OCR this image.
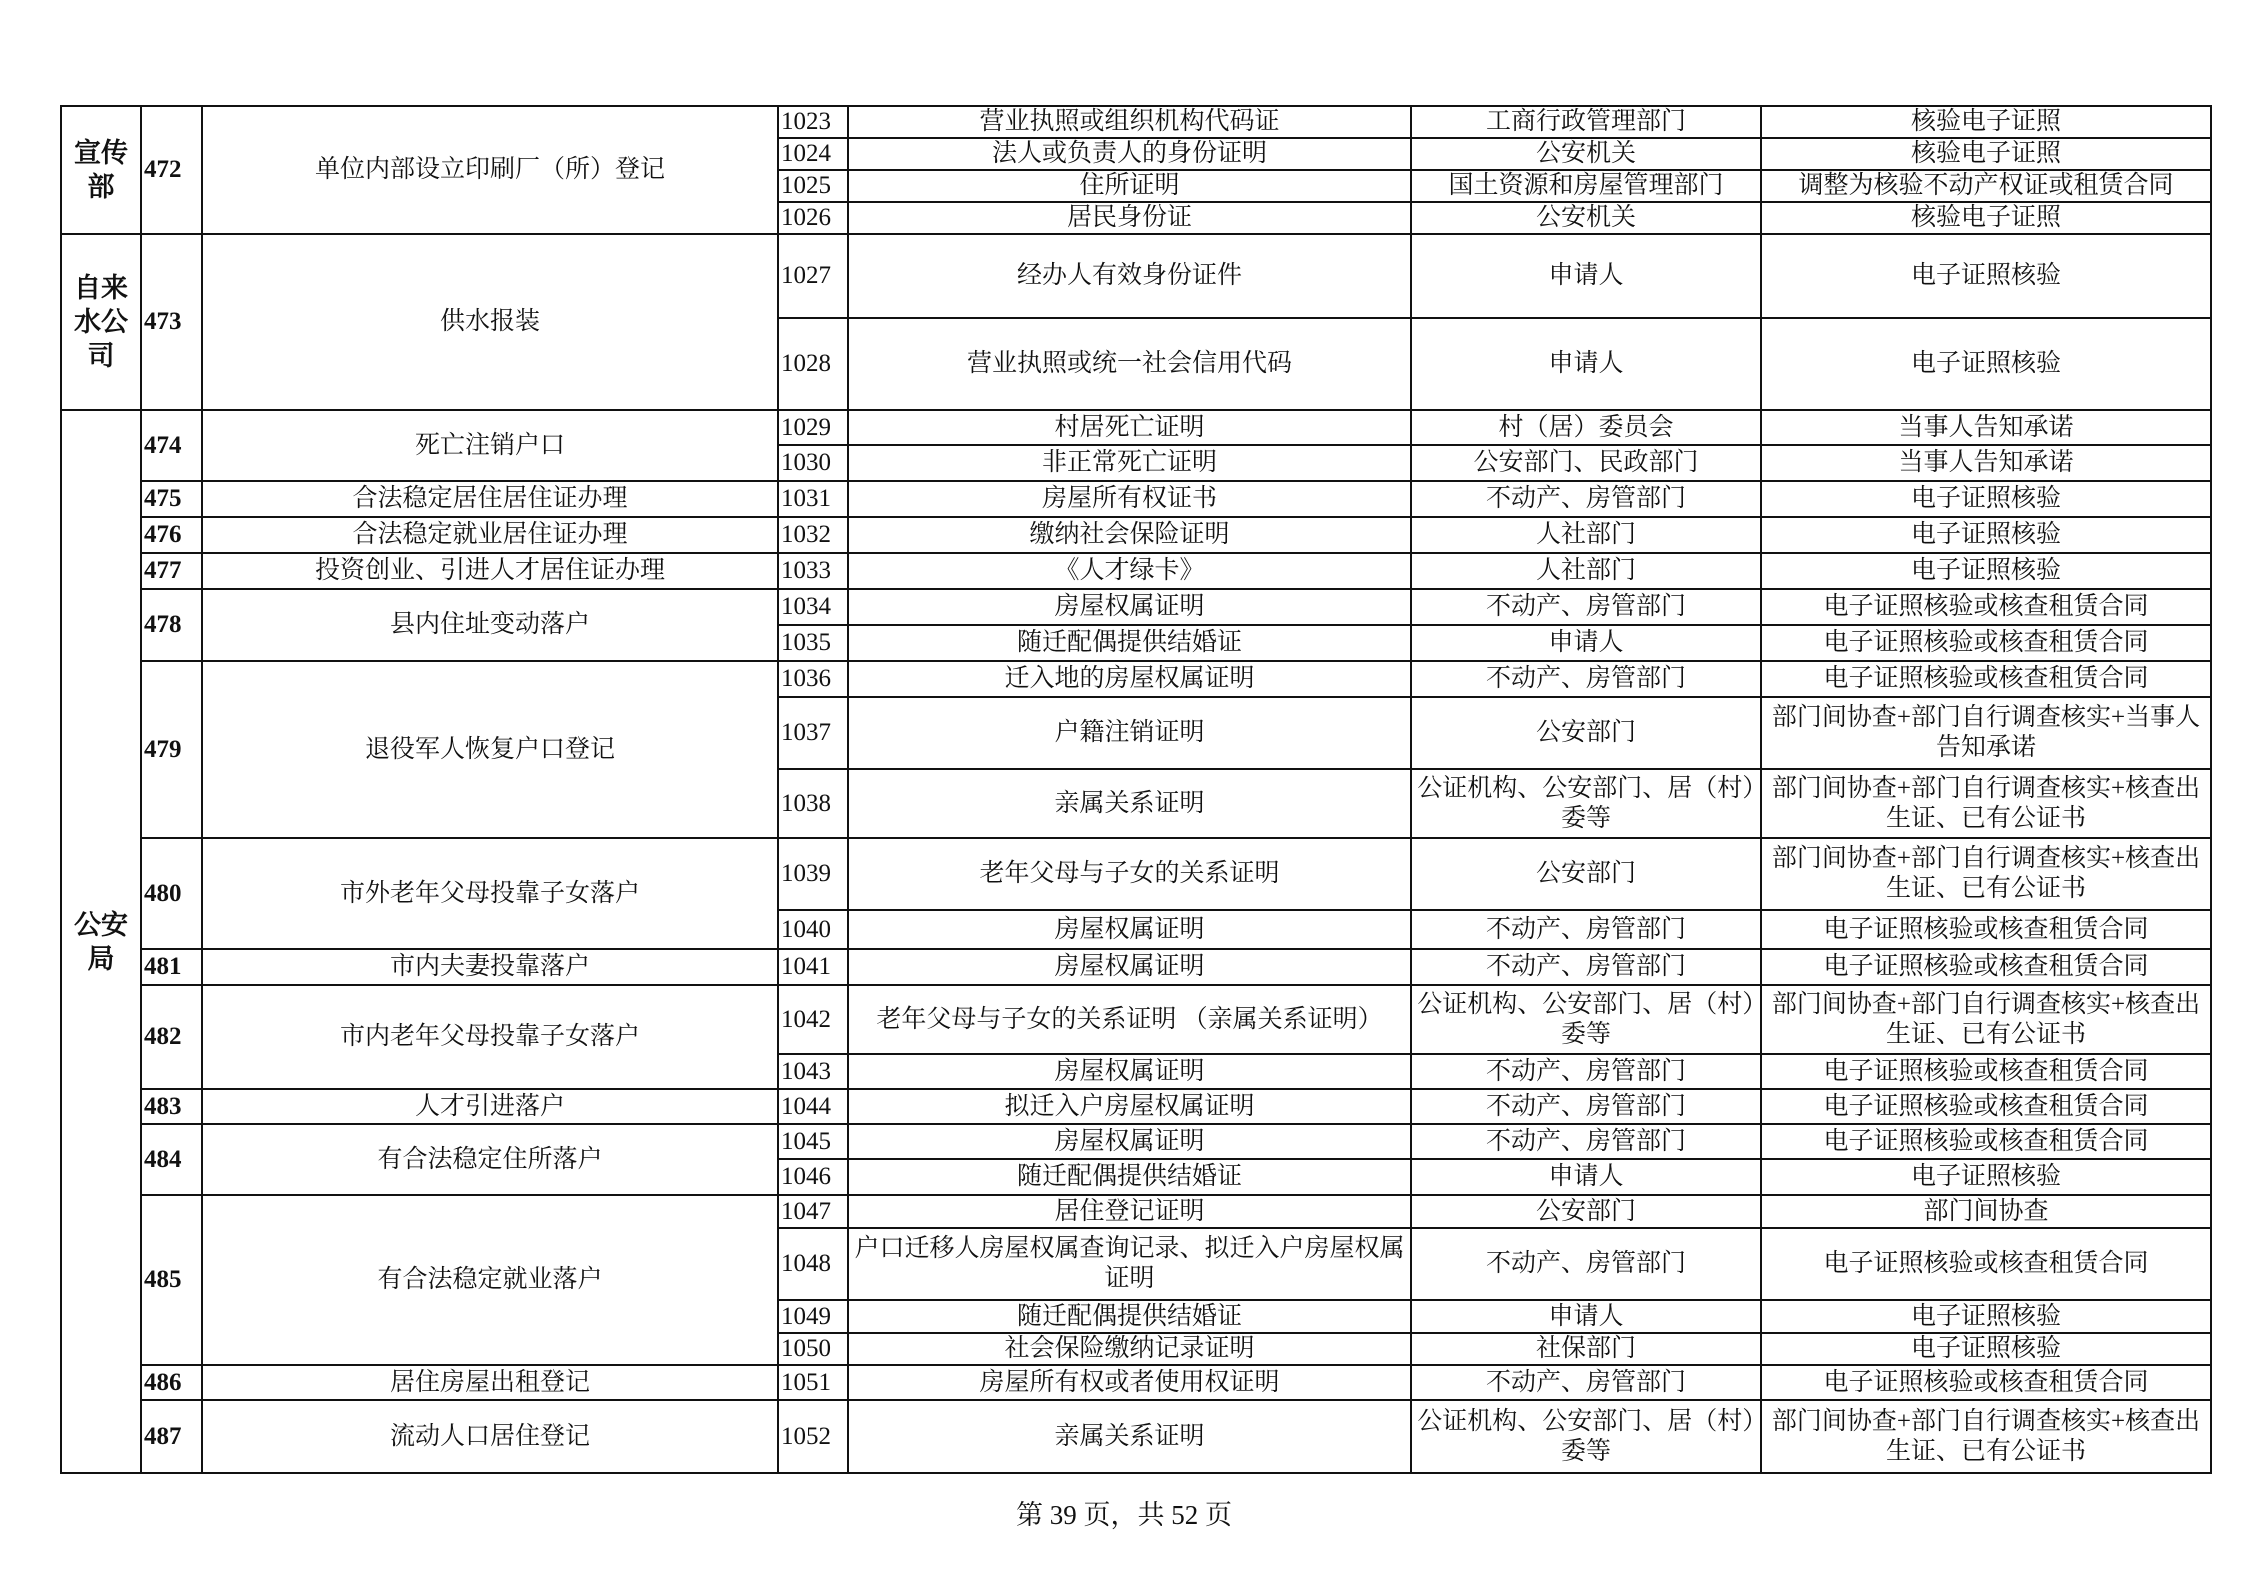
宣传部	472	单位内部设立印刷厂（所）登记	1023	营业执照或组织机构代码证	工商行政管理部门	核验电子证照
			1024	法人或负责人的身份证明	公安机关	核验电子证照
			1025	住所证明	国土资源和房屋管理部门	调整为核验不动产权证或租赁合同
			1026	居民身份证	公安机关	核验电子证照
自来水公司	473	供水报装	1027	经办人有效身份证件	申请人	电子证照核验
			1028	营业执照或统一社会信用代码	申请人	电子证照核验
公安局	474	死亡注销户口	1029	村居死亡证明	村（居）委员会	当事人告知承诺
			1030	非正常死亡证明	公安部门、民政部门	当事人告知承诺
	475	合法稳定居住居住证办理	1031	房屋所有权证书	不动产、房管部门	电子证照核验
	476	合法稳定就业居住证办理	1032	缴纳社会保险证明	人社部门	电子证照核验
	477	投资创业、引进人才居住证办理	1033	《人才绿卡》	人社部门	电子证照核验
	478	县内住址变动落户	1034	房屋权属证明	不动产、房管部门	电子证照核验或核查租赁合同
			1035	随迁配偶提供结婚证	申请人	电子证照核验或核查租赁合同
	479	退役军人恢复户口登记	1036	迁入地的房屋权属证明	不动产、房管部门	电子证照核验或核查租赁合同
			1037	户籍注销证明	公安部门	部门间协查+部门自行调查核实+当事人告知承诺
			1038	亲属关系证明	公证机构、公安部门、居（村）委等	部门间协查+部门自行调查核实+核查出生证、已有公证书
	480	市外老年父母投靠子女落户	1039	老年父母与子女的关系证明	公安部门	部门间协查+部门自行调查核实+核查出生证、已有公证书
			1040	房屋权属证明	不动产、房管部门	电子证照核验或核查租赁合同
	481	市内夫妻投靠落户	1041	房屋权属证明	不动产、房管部门	电子证照核验或核查租赁合同
	482	市内老年父母投靠子女落户	1042	老年父母与子女的关系证明 （亲属关系证明）	公证机构、公安部门、居（村）委等	部门间协查+部门自行调查核实+核查出生证、已有公证书
			1043	房屋权属证明	不动产、房管部门	电子证照核验或核查租赁合同
	483	人才引进落户	1044	拟迁入户房屋权属证明	不动产、房管部门	电子证照核验或核查租赁合同
	484	有合法稳定住所落户	1045	房屋权属证明	不动产、房管部门	电子证照核验或核查租赁合同
			1046	随迁配偶提供结婚证	申请人	电子证照核验
	485	有合法稳定就业落户	1047	居住登记证明	公安部门	部门间协查
			1048	户口迁移人房屋权属查询记录、拟迁入户房屋权属证明	不动产、房管部门	电子证照核验或核查租赁合同
			1049	随迁配偶提供结婚证	申请人	电子证照核验
			1050	社会保险缴纳记录证明	社保部门	电子证照核验
	486	居住房屋出租登记	1051	房屋所有权或者使用权证明	不动产、房管部门	电子证照核验或核查租赁合同
	487	流动人口居住登记	1052	亲属关系证明	公证机构、公安部门、居（村）委等	部门间协查+部门自行调查核实+核查出生证、已有公证书
第 39 页，共 52 页
